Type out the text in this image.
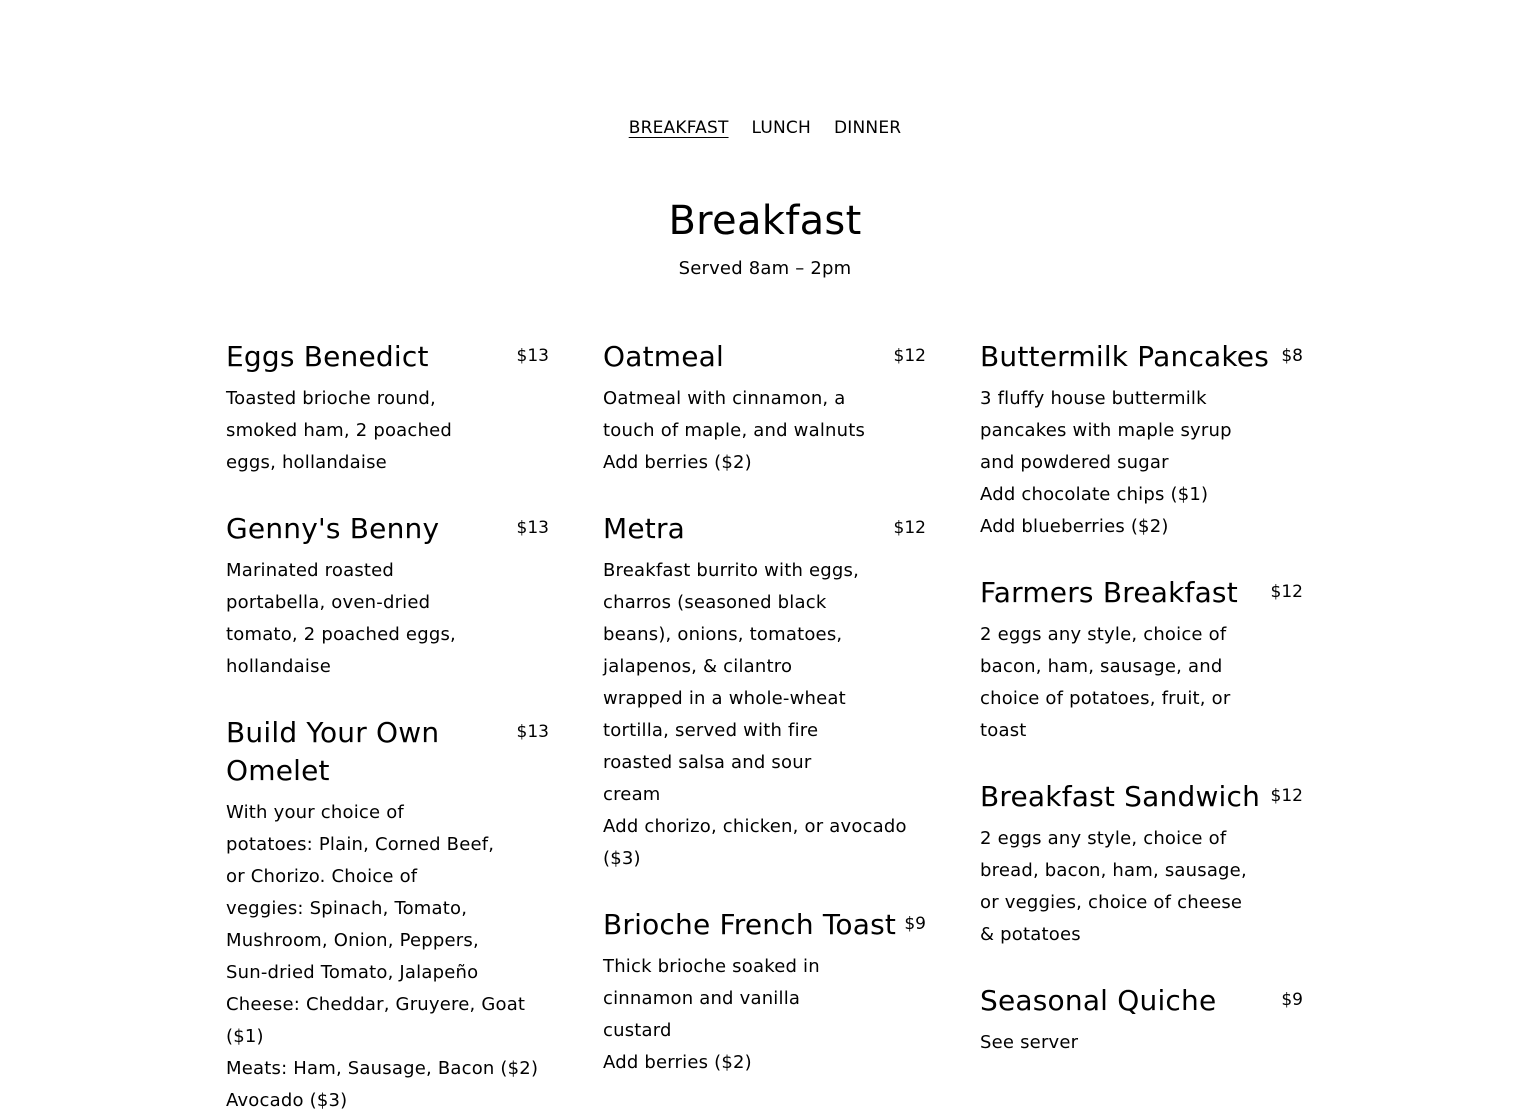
BREAKFAST LUNCH DINNER
Breakfast
Served 8am – 2pm
Eggs Benedict	$13
Toasted brioche round, smoked ham, 2 poached eggs, hollandaise
Genny's Benny	$13
Marinated roasted portabella, oven-dried tomato, 2 poached eggs, hollandaise
Build Your Own Omelet
$13
With your choice of potatoes: Plain, Corned Beef, or Chorizo. Choice of veggies: Spinach, Tomato, Mushroom, Onion, Peppers, Sun-dried Tomato, Jalapeño
Cheese: Cheddar, Gruyere, Goat ($1)
Meats: Ham, Sausage, Bacon ($2)
Avocado ($3)
Oatmeal	$12
Oatmeal with cinnamon, a touch of maple, and walnuts
Add berries ($2)
Metra	$12
Breakfast burrito with eggs, charros (seasoned black beans), onions, tomatoes, jalapenos, & cilantro wrapped in a whole-wheat tortilla, served with fire roasted salsa and sour cream
Add chorizo, chicken, or avocado ($3)
Brioche French Toast $9
Thick brioche soaked in cinnamon and vanilla custard
Add berries ($2)
Buttermilk Pancakes $8
3 fluffy house buttermilk pancakes with maple syrup and powdered sugar
Add chocolate chips ($1)
Add blueberries ($2)
Farmers Breakfast $12
2 eggs any style, choice of bacon, ham, sausage, and choice of potatoes, fruit, or toast
Breakfast Sandwich $12
2 eggs any style, choice of bread, bacon, ham, sausage, or veggies, choice of cheese & potatoes
Seasonal Quiche	$9
See server
